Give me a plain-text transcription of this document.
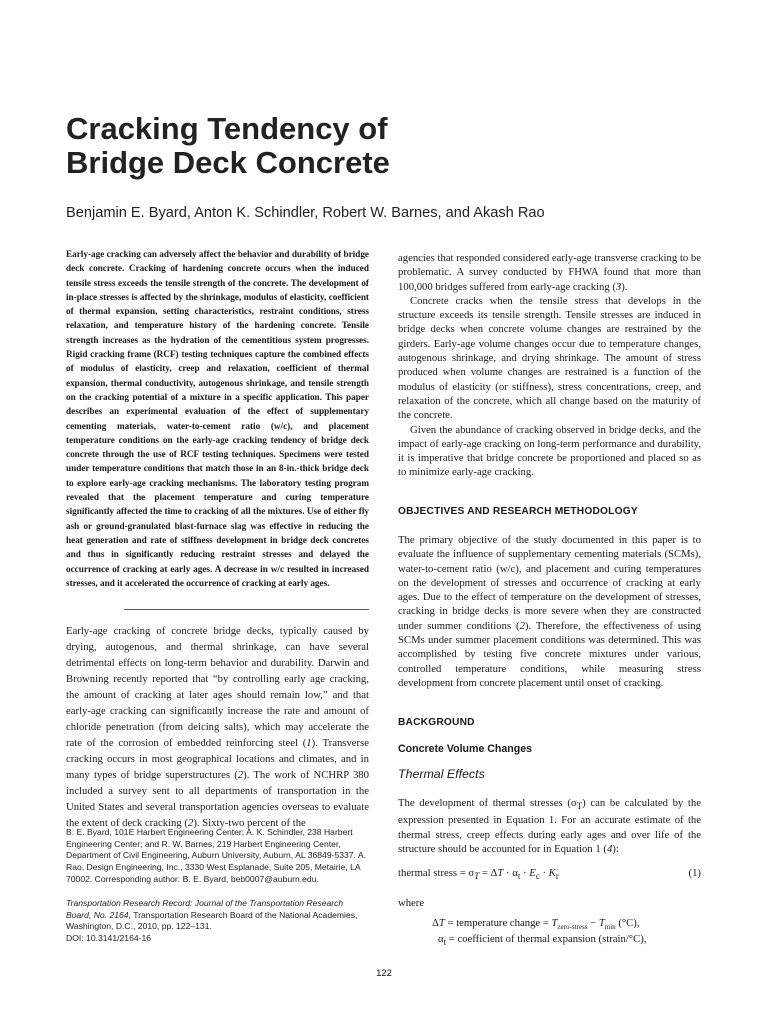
Cracking Tendency of
Bridge Deck Concrete

Benjamin E. Byard, Anton K. Schindler, Robert W. Barnes, and Akash Rao

Early-age cracking can adversely affect the behavior and durability of bridge deck concrete. Cracking of hardening concrete occurs when the induced tensile stress exceeds the tensile strength of the concrete. The development of in-place stresses is affected by the shrinkage, modulus of elasticity, coefficient of thermal expansion, setting characteristics, restraint conditions, stress relaxation, and temperature history of the hardening concrete. Tensile strength increases as the hydration of the cementitious system progresses. Rigid cracking frame (RCF) testing techniques capture the combined effects of modulus of elasticity, creep and relaxation, coefficient of thermal expansion, thermal conductivity, autogenous shrinkage, and tensile strength on the cracking potential of a mixture in a specific application. This paper describes an experimental evaluation of the effect of supplementary cementing materials, water-to-cement ratio (w/c), and placement temperature conditions on the early-age cracking tendency of bridge deck concrete through the use of RCF testing techniques. Specimens were tested under temperature conditions that match those in an 8-in.-thick bridge deck to explore early-age cracking mechanisms. The laboratory testing program revealed that the placement temperature and curing temperature significantly affected the time to cracking of all the mixtures. Use of either fly ash or ground-granulated blast-furnace slag was effective in reducing the heat generation and rate of stiffness development in bridge deck concretes and thus in significantly reducing restraint stresses and delayed the occurrence of cracking at early ages. A decrease in w/c resulted in increased stresses, and it accelerated the occurrence of cracking at early ages.

Early-age cracking of concrete bridge decks, typically caused by drying, autogenous, and thermal shrinkage, can have several detrimental effects on long-term behavior and durability. Darwin and Browning recently reported that “by controlling early age cracking, the amount of cracking at later ages should remain low,” and that early-age cracking can significantly increase the rate and amount of chloride penetration (from deicing salts), which may accelerate the rate of the corrosion of embedded reinforcing steel (1). Transverse cracking occurs in most geographical locations and climates, and in many types of bridge superstructures (2). The work of NCHRP 380 included a survey sent to all departments of transportation in the United States and several transportation agencies overseas to evaluate the extent of deck cracking (2). Sixty-two percent of the

B. E. Byard, 101E Harbert Engineering Center; A. K. Schindler, 238 Harbert Engineering Center; and R. W. Barnes, 219 Harbert Engineering Center, Department of Civil Engineering, Auburn University, Auburn, AL 36849-5337. A. Rao, Design Engineering, Inc., 3330 West Esplanade, Suite 205, Metairie, LA 70002. Corresponding author: B. E. Byard, beb0007@auburn.edu.

Transportation Research Record: Journal of the Transportation Research Board, No. 2164, Transportation Research Board of the National Academies, Washington, D.C., 2010, pp. 122–131.
DOI: 10.3141/2164-16

agencies that responded considered early-age transverse cracking to be problematic. A survey conducted by FHWA found that more than 100,000 bridges suffered from early-age cracking (3).

Concrete cracks when the tensile stress that develops in the structure exceeds its tensile strength. Tensile stresses are induced in bridge decks when concrete volume changes are restrained by the girders. Early-age volume changes occur due to temperature changes, autogenous shrinkage, and drying shrinkage. The amount of stress produced when volume changes are restrained is a function of the modulus of elasticity (or stiffness), stress concentrations, creep, and relaxation of the concrete, which all change based on the maturity of the concrete.

Given the abundance of cracking observed in bridge decks, and the impact of early-age cracking on long-term performance and durability, it is imperative that bridge concrete be proportioned and placed so as to minimize early-age cracking.

OBJECTIVES AND RESEARCH METHODOLOGY

The primary objective of the study documented in this paper is to evaluate the influence of supplementary cementing materials (SCMs), water-to-cement ratio (w/c), and placement and curing temperatures on the development of stresses and occurrence of cracking at early ages. Due to the effect of temperature on the development of stresses, cracking in bridge decks is more severe when they are constructed under summer conditions (2). Therefore, the effectiveness of using SCMs under summer placement conditions was determined. This was accomplished by testing five concrete mixtures under various, controlled temperature conditions, while measuring stress development from concrete placement until onset of cracking.

BACKGROUND
Concrete Volume Changes
Thermal Effects

The development of thermal stresses $(\sigma_T)$ can be calculated by the expression presented in Equation 1. For an accurate estimate of the thermal stress, creep effects during early ages and over life of the structure should be accounted for in Equation 1 (4):

thermal stress = $\sigma_T = \Delta T \cdot \alpha_t \cdot E_c \cdot K_r$	(1)
where
ΔT = temperature change = $T_{zero-stress} - T_{min}$ (°C),
$\alpha_t$ = coefficient of thermal expansion (strain/°C),
122
